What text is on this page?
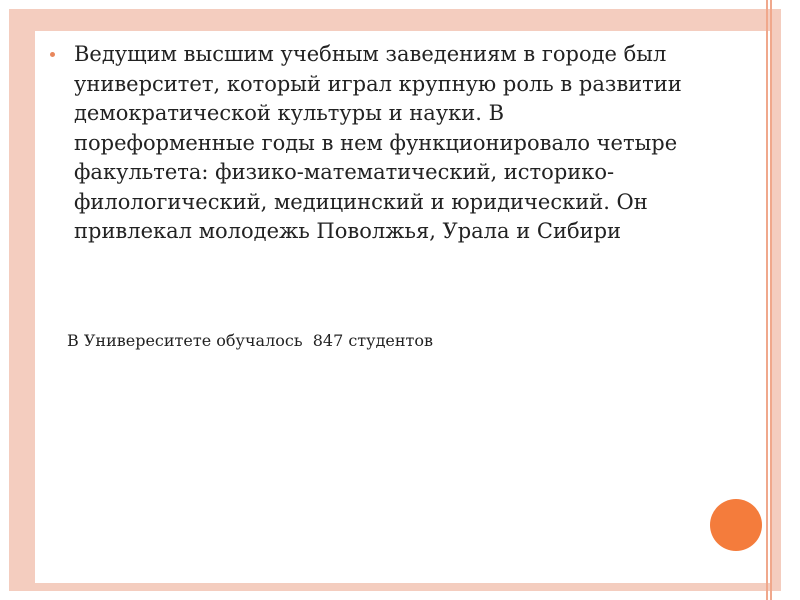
Ведущим высшим учебным заведениям в городе был университет, который играл крупную роль в развитии демократической культуры и науки. В пореформенные годы в нем функционировало четыре факультета: физико-математический, историко-филологический, медицинский и юридический. Он привлекал молодежь Поволжья, Урала и Сибири
В Универеситете обучалось  847 студентов
